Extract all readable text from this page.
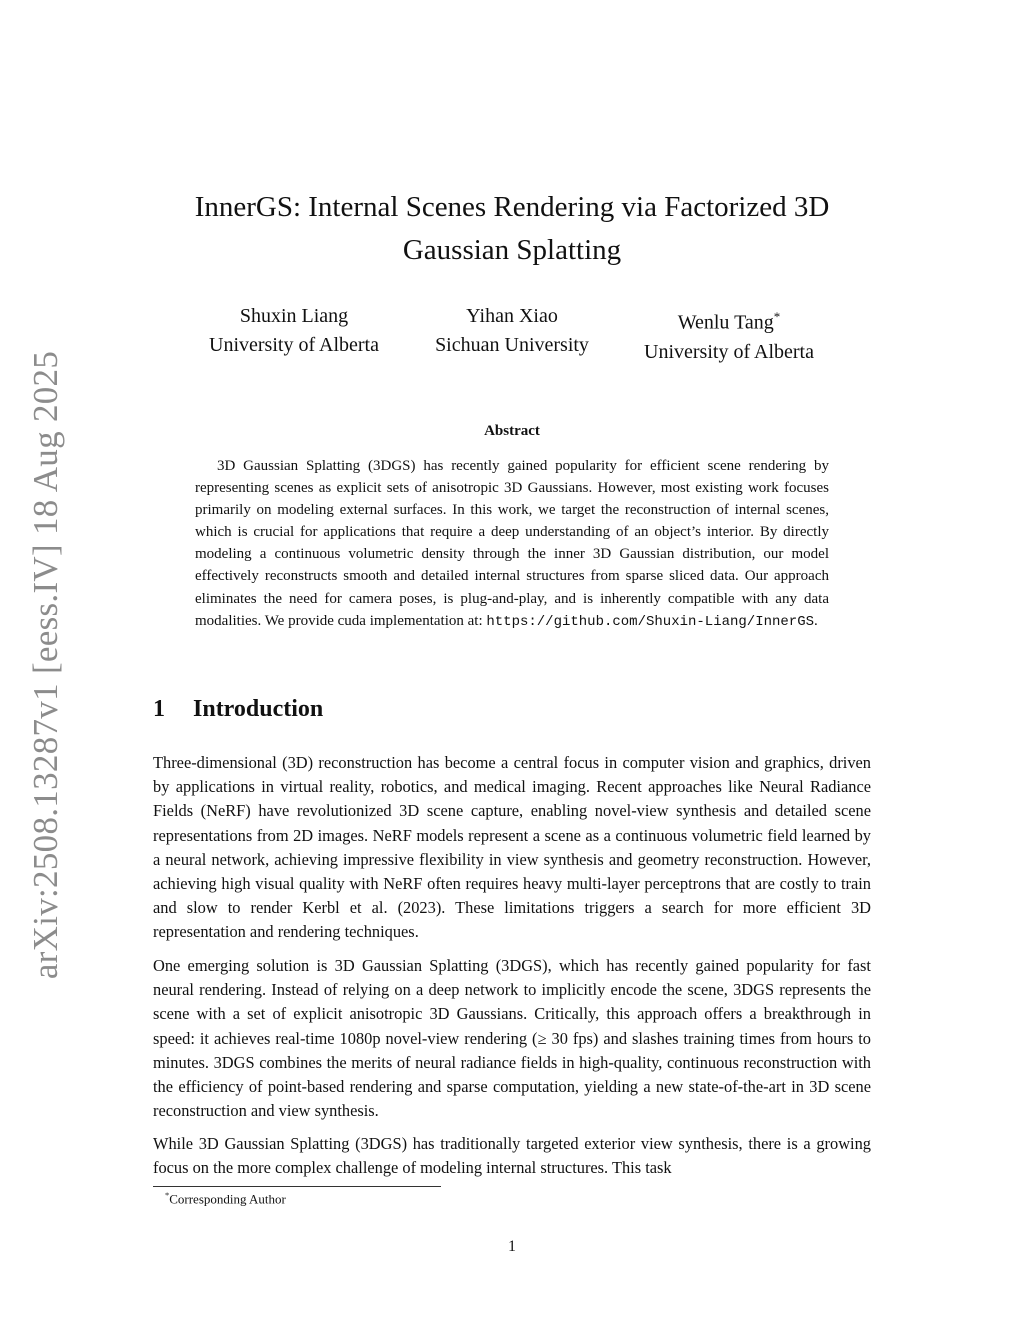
arXiv:2508.13287v1 [eess.IV] 18 Aug 2025
InnerGS: Internal Scenes Rendering via Factorized 3D
Gaussian Splatting
Shuxin Liang
University of Alberta
Yihan Xiao
Sichuan University
Wenlu Tang*
University of Alberta
Abstract

3D Gaussian Splatting (3DGS) has recently gained popularity for efficient scene rendering by representing scenes as explicit sets of anisotropic 3D Gaussians. However, most existing work focuses primarily on modeling external surfaces. In this work, we target the reconstruction of internal scenes, which is crucial for applications that require a deep understanding of an object’s interior. By directly modeling a continuous volumetric density through the inner 3D Gaussian distribution, our model effectively reconstructs smooth and detailed internal structures from sparse sliced data. Our approach eliminates the need for camera poses, is plug-and-play, and is inherently compatible with any data modalities. We provide cuda implementation at: https://github.com/Shuxin-Liang/InnerGS.

1 Introduction

Three-dimensional (3D) reconstruction has become a central focus in computer vision and graphics, driven by applications in virtual reality, robotics, and medical imaging. Recent approaches like Neural Radiance Fields (NeRF) have revolutionized 3D scene capture, enabling novel-view synthesis and detailed scene representations from 2D images. NeRF models represent a scene as a continuous volumetric field learned by a neural network, achieving impressive flexibility in view synthesis and geometry reconstruction. However, achieving high visual quality with NeRF often requires heavy multi-layer perceptrons that are costly to train and slow to render Kerbl et al. (2023). These limitations triggers a search for more efficient 3D representation and rendering techniques.

One emerging solution is 3D Gaussian Splatting (3DGS), which has recently gained popularity for fast neural rendering. Instead of relying on a deep network to implicitly encode the scene, 3DGS represents the scene with a set of explicit anisotropic 3D Gaussians. Critically, this approach offers a breakthrough in speed: it achieves real-time 1080p novel-view rendering (≥ 30 fps) and slashes training times from hours to minutes. 3DGS combines the merits of neural radiance fields in high-quality, continuous reconstruction with the efficiency of point-based rendering and sparse computation, yielding a new state-of-the-art in 3D scene reconstruction and view synthesis.

While 3D Gaussian Splatting (3DGS) has traditionally targeted exterior view synthesis, there is a growing focus on the more complex challenge of modeling internal structures. This task

*Corresponding Author
1
